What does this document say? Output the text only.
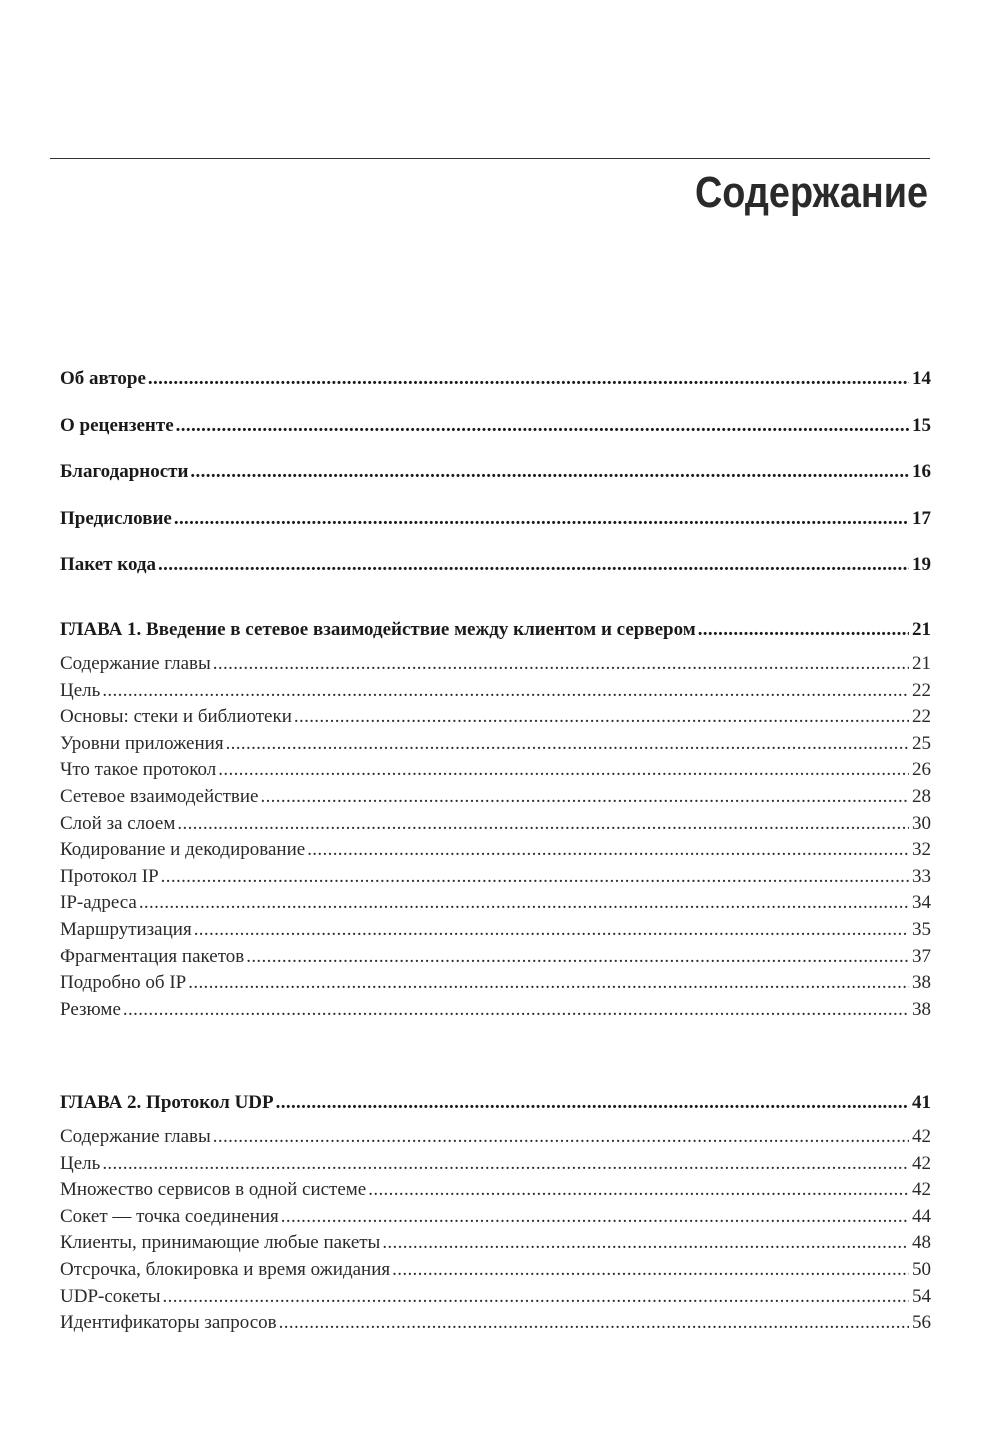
Содержание
Об авторе . . .	14
О рецензенте . . .	15
Благодарности . . .	16
Предисловие . . .	17
Пакет кода . . .	19
ГЛАВА 1. Введение в сетевое взаимодействие между клиентом и сервером . . .	21
Содержание главы . . .	21
Цель . . .	22
Основы: стеки и библиотеки . . .	22
Уровни приложения . . .	25
Что такое протокол . . .	26
Сетевое взаимодействие . . .	28
Слой за слоем . . .	30
Кодирование и декодирование . . .	32
Протокол IP . . .	33
IP-адреса . . .	34
Маршрутизация . . .	35
Фрагментация пакетов . . .	37
Подробно об IP . . .	38
Резюме . . .	38
ГЛАВА 2. Протокол UDP . . .	41
Содержание главы . . .	42
Цель . . .	42
Множество сервисов в одной системе . . .	42
Сокет — точка соединения . . .	44
Клиенты, принимающие любые пакеты . . .	48
Отсрочка, блокировка и время ожидания . . .	50
UDP-сокеты . . .	54
Идентификаторы запросов . . .	56
